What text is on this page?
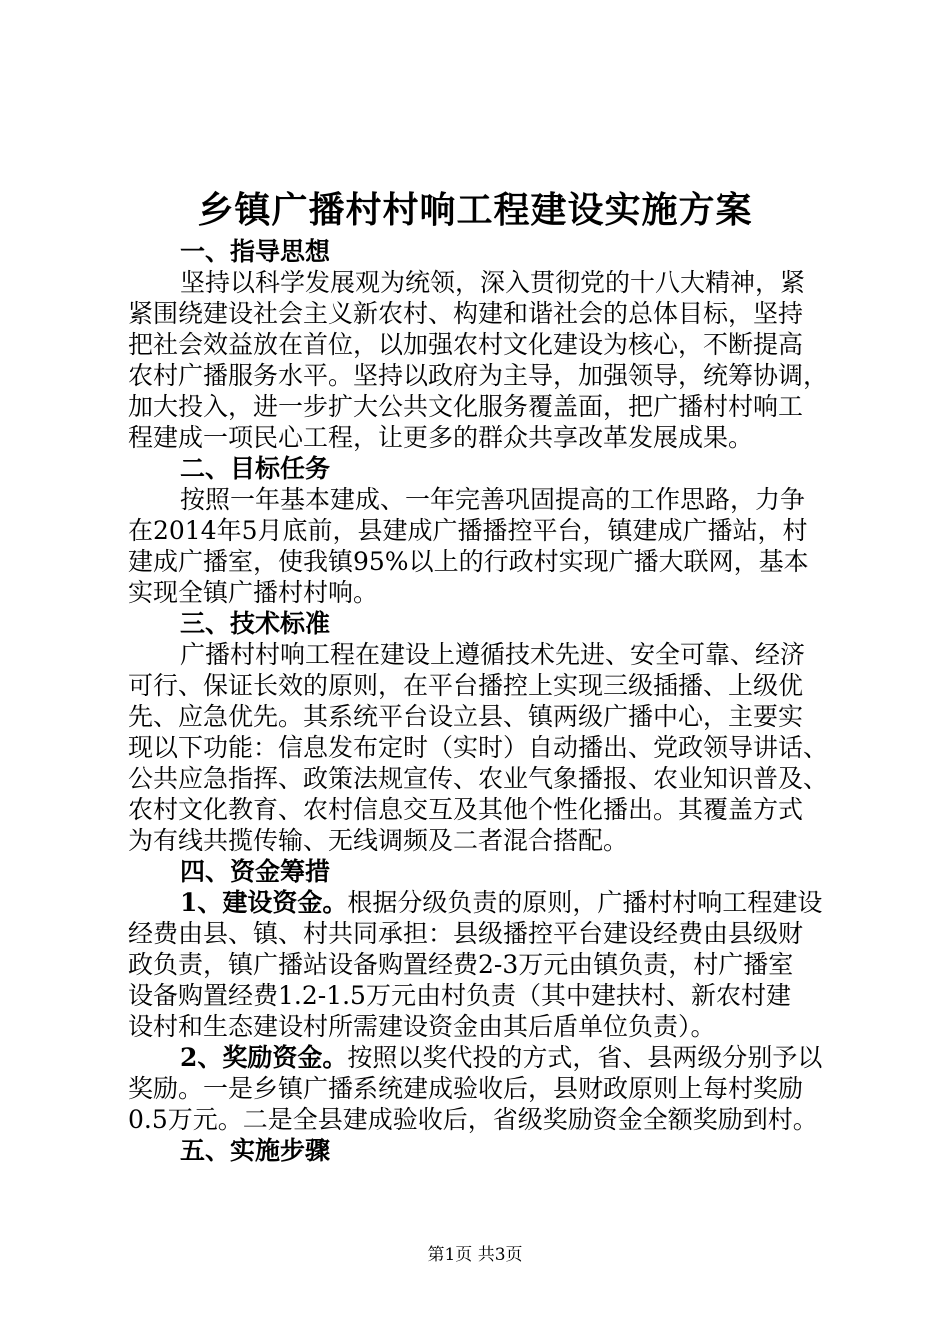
乡镇广播村村响工程建设实施方案
一、指导思想
坚持以科学发展观为统领，深入贯彻党的十八大精神，紧
紧围绕建设社会主义新农村、构建和谐社会的总体目标，坚持
把社会效益放在首位，以加强农村文化建设为核心，不断提高
农村广播服务水平。坚持以政府为主导，加强领导，统筹协调，
加大投入，进一步扩大公共文化服务覆盖面，把广播村村响工
程建成一项民心工程，让更多的群众共享改革发展成果。
二、目标任务
按照一年基本建成、一年完善巩固提高的工作思路，力争
在2014年5月底前，县建成广播播控平台，镇建成广播站，村
建成广播室，使我镇95%以上的行政村实现广播大联网，基本
实现全镇广播村村响。
三、技术标准
广播村村响工程在建设上遵循技术先进、安全可靠、经济
可行、保证长效的原则，在平台播控上实现三级插播、上级优
先、应急优先。其系统平台设立县、镇两级广播中心，主要实
现以下功能：信息发布定时（实时）自动播出、党政领导讲话、
公共应急指挥、政策法规宣传、农业气象播报、农业知识普及、
农村文化教育、农村信息交互及其他个性化播出。其覆盖方式
为有线共揽传输、无线调频及二者混合搭配。
四、资金筹措
1、建设资金。根据分级负责的原则，广播村村响工程建设
经费由县、镇、村共同承担：县级播控平台建设经费由县级财
政负责，镇广播站设备购置经费2-3万元由镇负责，村广播室
设备购置经费1.2-1.5万元由村负责（其中建扶村、新农村建
设村和生态建设村所需建设资金由其后盾单位负责）。
2、奖励资金。按照以奖代投的方式，省、县两级分别予以
奖励。一是乡镇广播系统建成验收后，县财政原则上每村奖励
0.5万元。二是全县建成验收后，省级奖励资金全额奖励到村。
五、实施步骤
第1页 共3页
